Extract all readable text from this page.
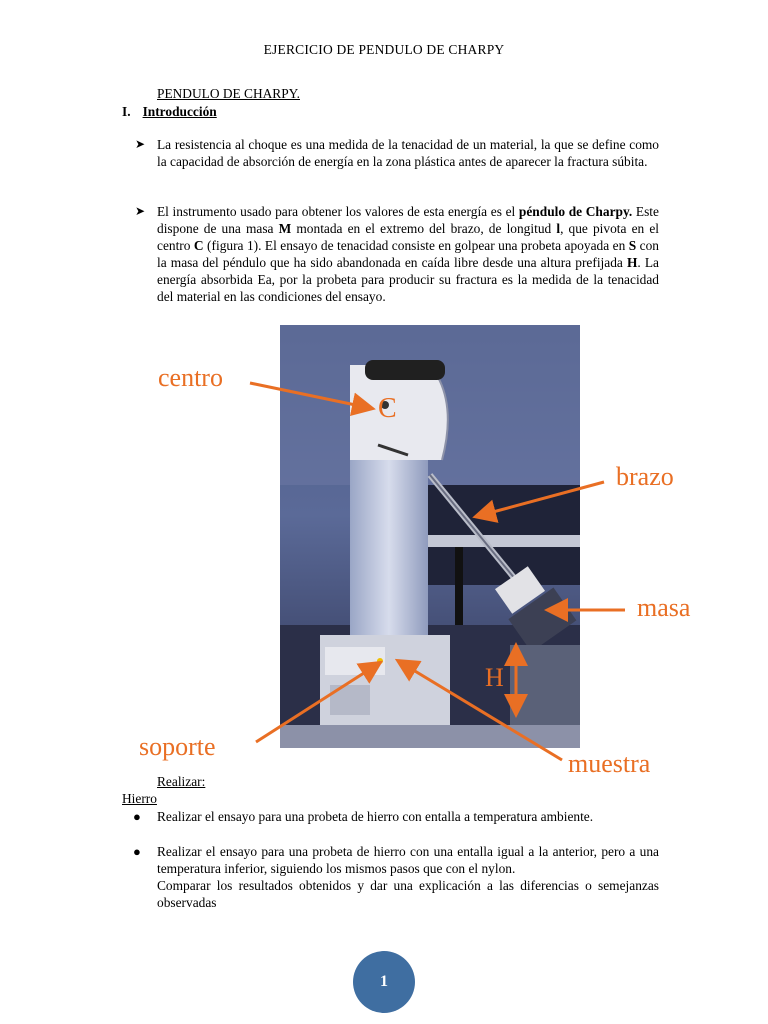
EJERCICIO DE PENDULO DE CHARPY
PENDULO DE CHARPY.
I. Introducción
➤ La resistencia al choque es una medida de la tenacidad de un material, la que se define como la capacidad de absorción de energía en la zona plástica antes de aparecer la fractura súbita.
➤ El instrumento usado para obtener los valores de esta energía es el péndulo de Charpy. Este dispone de una masa M montada en el extremo del brazo, de longitud l, que pivota en el centro C (figura 1). El ensayo de tenacidad consiste en golpear una probeta apoyada en S con la masa del péndulo que ha sido abandonada en caída libre desde una altura prefijada H. La energía absorbida Ea, por la probeta para producir su fractura es la medida de la tenacidad del material en las condiciones del ensayo.
centro
C
brazo
masa
H
soporte
muestra
Realizar:
Hierro
● Realizar el ensayo para una probeta de hierro con entalla a temperatura ambiente.
● Realizar el ensayo para una probeta de hierro con una entalla igual a la anterior, pero a una temperatura inferior, siguiendo los mismos pasos que con el nylon.
Comparar los resultados obtenidos y dar una explicación a las diferencias o semejanzas observadas
1
